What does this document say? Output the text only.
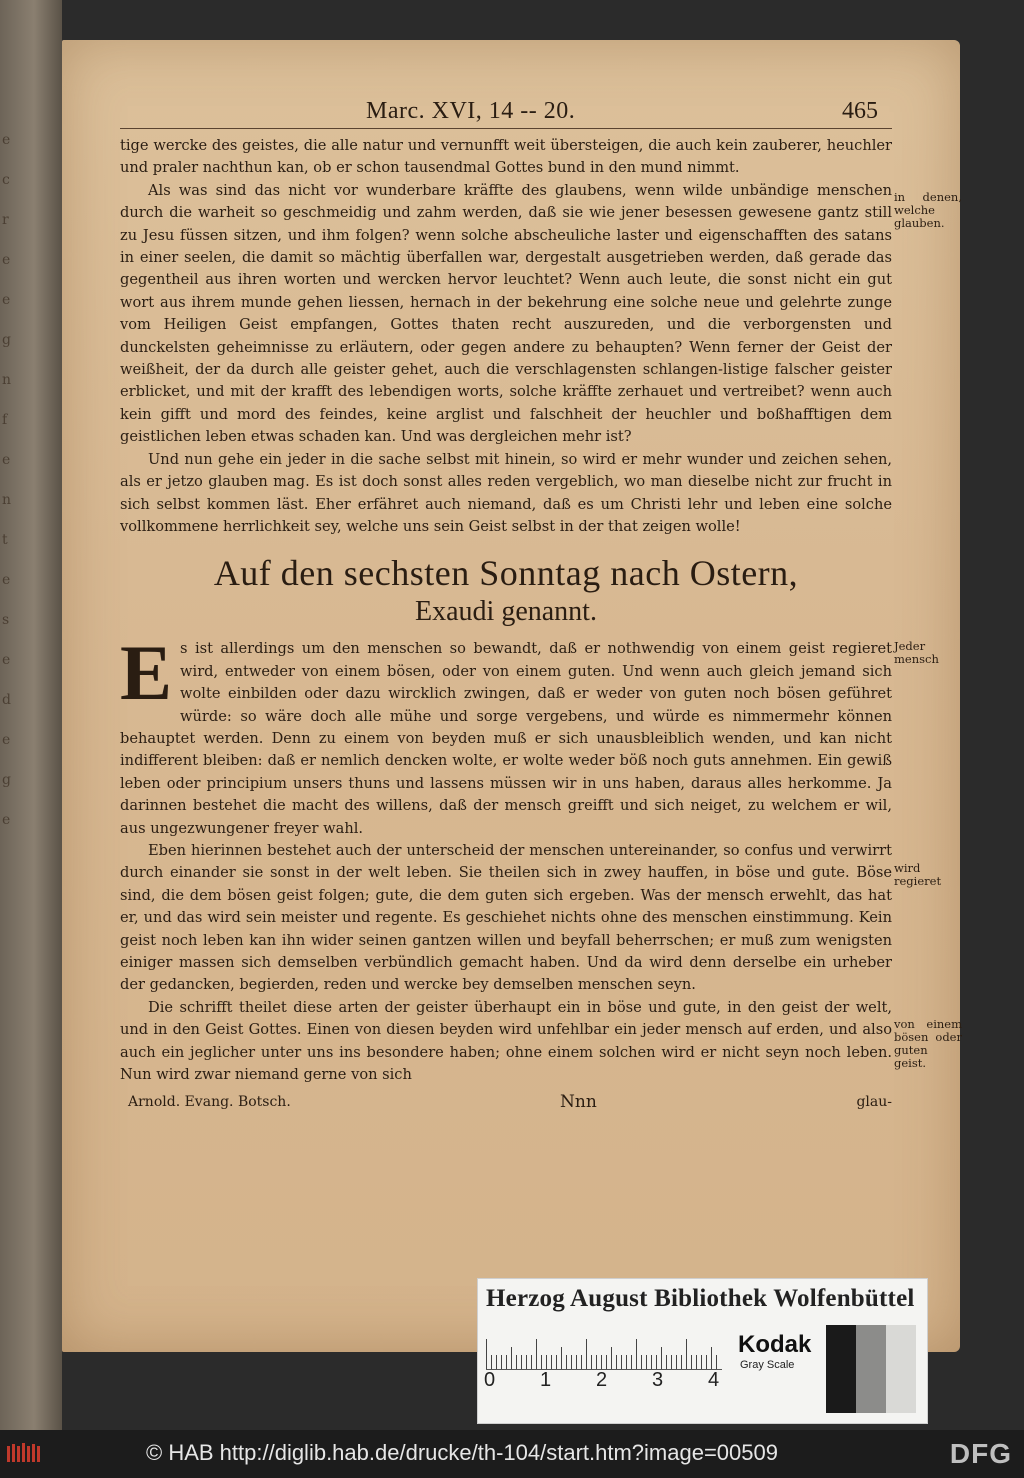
e
c
r
e
e
g
n
f
e
n
t
e
s
e
d
e
g
e
Marc. XVI, 14 -- 20.	465
in denen, welche glauben.

tige wercke des geistes, die alle natur und vernunfft weit übersteigen, die auch kein zauberer, heuchler und praler nachthun kan, ob er schon tausendmal Gottes bund in den mund nimmt.

Als was sind das nicht vor wunderbare kräffte des glaubens, wenn wilde unbändige menschen durch die warheit so geschmeidig und zahm werden, daß sie wie jener besessen gewesene gantz still zu Jesu füssen sitzen, und ihm folgen? wenn solche abscheuliche laster und eigenschafften des satans in einer seelen, die damit so mächtig überfallen war, dergestalt ausgetrieben werden, daß gerade das gegentheil aus ihren worten und wercken hervor leuchtet? Wenn auch leute, die sonst nicht ein gut wort aus ihrem munde gehen liessen, hernach in der bekehrung eine solche neue und gelehrte zunge vom Heiligen Geist empfangen, Gottes thaten recht auszureden, und die verborgensten und dunckelsten geheimnisse zu erläutern, oder gegen andere zu behaupten? Wenn ferner der Geist der weißheit, der da durch alle geister gehet, auch die verschlagensten schlangen-listige falscher geister erblicket, und mit der krafft des lebendigen worts, solche kräffte zerhauet und vertreibet? wenn auch kein gifft und mord des feindes, keine arglist und falschheit der heuchler und boßhafftigen dem geistlichen leben etwas schaden kan. Und was dergleichen mehr ist?

Und nun gehe ein jeder in die sache selbst mit hinein, so wird er mehr wunder und zeichen sehen, als er jetzo glauben mag. Es ist doch sonst alles reden vergeblich, wo man dieselbe nicht zur frucht in sich selbst kommen läst. Eher erfähret auch niemand, daß es um Christi lehr und leben eine solche vollkommene herrlichkeit sey, welche uns sein Geist selbst in der that zeigen wolle!

Auf den sechsten Sonntag nach Ostern,
Exaudi genannt.
Jeder mensch
wird regieret
von einem bösen oder guten geist.
E s ist allerdings um den menschen so bewandt, daß er nothwendig von einem geist regieret wird, entweder von einem bösen, oder von einem guten. Und wenn auch gleich jemand sich wolte einbilden oder dazu wircklich zwingen, daß er weder von guten noch bösen geführet würde: so wäre doch alle mühe und sorge vergebens, und würde es nimmermehr können behauptet werden. Denn zu einem von beyden muß er sich unausbleiblich wenden, und kan nicht indifferent bleiben: daß er nemlich dencken wolte, er wolte weder böß noch guts annehmen. Ein gewiß leben oder principium unsers thuns und lassens müssen wir in uns haben, daraus alles herkomme. Ja darinnen bestehet die macht des willens, daß der mensch greifft und sich neiget, zu welchem er wil, aus ungezwungener freyer wahl.

Eben hierinnen bestehet auch der unterscheid der menschen untereinander, so confus und verwirrt durch einander sie sonst in der welt leben. Sie theilen sich in zwey hauffen, in böse und gute. Böse sind, die dem bösen geist folgen; gute, die dem guten sich ergeben. Was der mensch erwehlt, das hat er, und das wird sein meister und regente. Es geschiehet nichts ohne des menschen einstimmung. Kein geist noch leben kan ihn wider seinen gantzen willen und beyfall beherrschen; er muß zum wenigsten einiger massen sich demselben verbündlich gemacht haben. Und da wird denn derselbe ein urheber der gedancken, begierden, reden und wercke bey demselben menschen seyn.

Die schrifft theilet diese arten der geister überhaupt ein in böse und gute, in den geist der welt, und in den Geist Gottes. Einen von diesen beyden wird unfehlbar ein jeder mensch auf erden, und also auch ein jeglicher unter uns ins besondere haben; ohne einem solchen wird er nicht seyn noch leben. Nun wird zwar niemand gerne von sich

Arnold. Evang. Botsch.	Nnn	glau-
Herzog August Bibliothek Wolfenbüttel
0 1 2 3 4
Kodak
Gray Scale
© HAB http://diglib.hab.de/drucke/th-104/start.htm?image=00509	DFG
